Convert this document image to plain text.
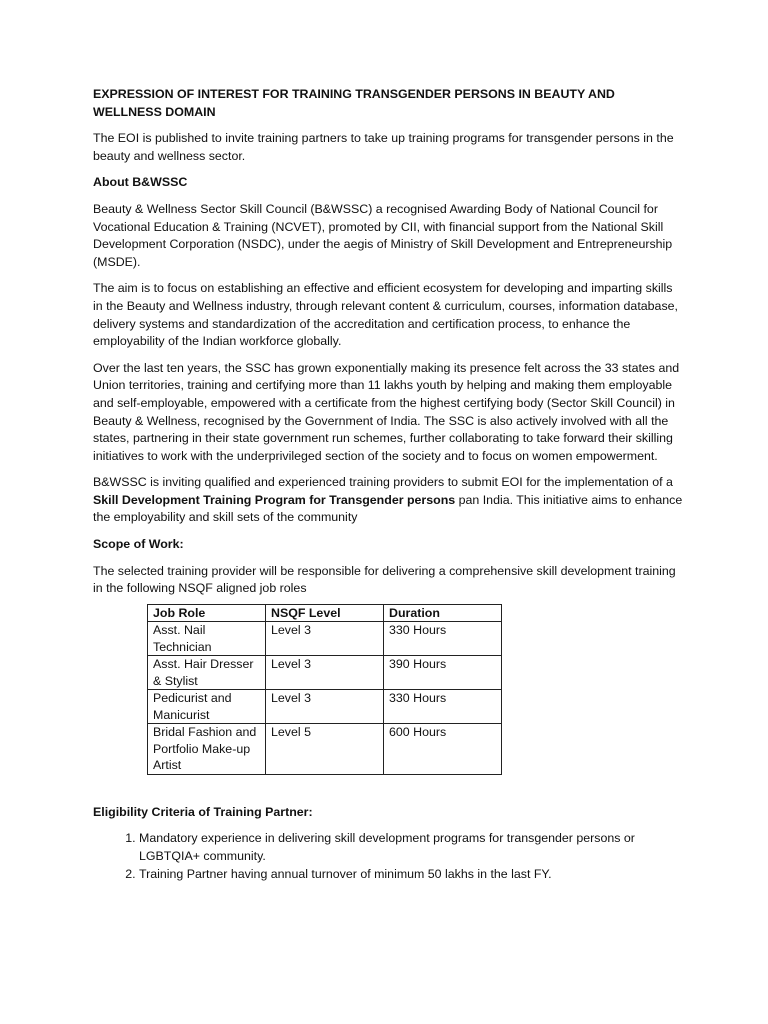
EXPRESSION OF INTEREST FOR TRAINING TRANSGENDER PERSONS IN BEAUTY AND WELLNESS DOMAIN

The EOI is published to invite training partners to take up training programs for transgender persons in the beauty and wellness sector.

About B&WSSC

Beauty & Wellness Sector Skill Council (B&WSSC) a recognised Awarding Body of National Council for Vocational Education & Training (NCVET), promoted by CII, with financial support from the National Skill Development Corporation (NSDC), under the aegis of Ministry of Skill Development and Entrepreneurship (MSDE).

The aim is to focus on establishing an effective and efficient ecosystem for developing and imparting skills in the Beauty and Wellness industry, through relevant content & curriculum, courses, information database, delivery systems and standardization of the accreditation and certification process, to enhance the employability of the Indian workforce globally.

Over the last ten years, the SSC has grown exponentially making its presence felt across the 33 states and Union territories, training and certifying more than 11 lakhs youth by helping and making them employable and self-employable, empowered with a certificate from the highest certifying body (Sector Skill Council) in Beauty & Wellness, recognised by the Government of India. The SSC is also actively involved with all the states, partnering in their state government run schemes, further collaborating to take forward their skilling initiatives to work with the underprivileged section of the society and to focus on women empowerment.

B&WSSC is inviting qualified and experienced training providers to submit EOI for the implementation of a Skill Development Training Program for Transgender persons pan India. This initiative aims to enhance the employability and skill sets of the community

Scope of Work:

The selected training provider will be responsible for delivering a comprehensive skill development training in the following NSQF aligned job roles

Job Role	NSQF Level	Duration
Asst. Nail Technician	Level 3	330 Hours
Asst. Hair Dresser & Stylist	Level 3	390 Hours
Pedicurist and Manicurist	Level 3	330 Hours
Bridal Fashion and Portfolio Make-up Artist	Level 5	600 Hours

Eligibility Criteria of Training Partner:

1. Mandatory experience in delivering skill development programs for transgender persons or LGBTQIA+ community.
2. Training Partner having annual turnover of minimum 50 lakhs in the last FY.
